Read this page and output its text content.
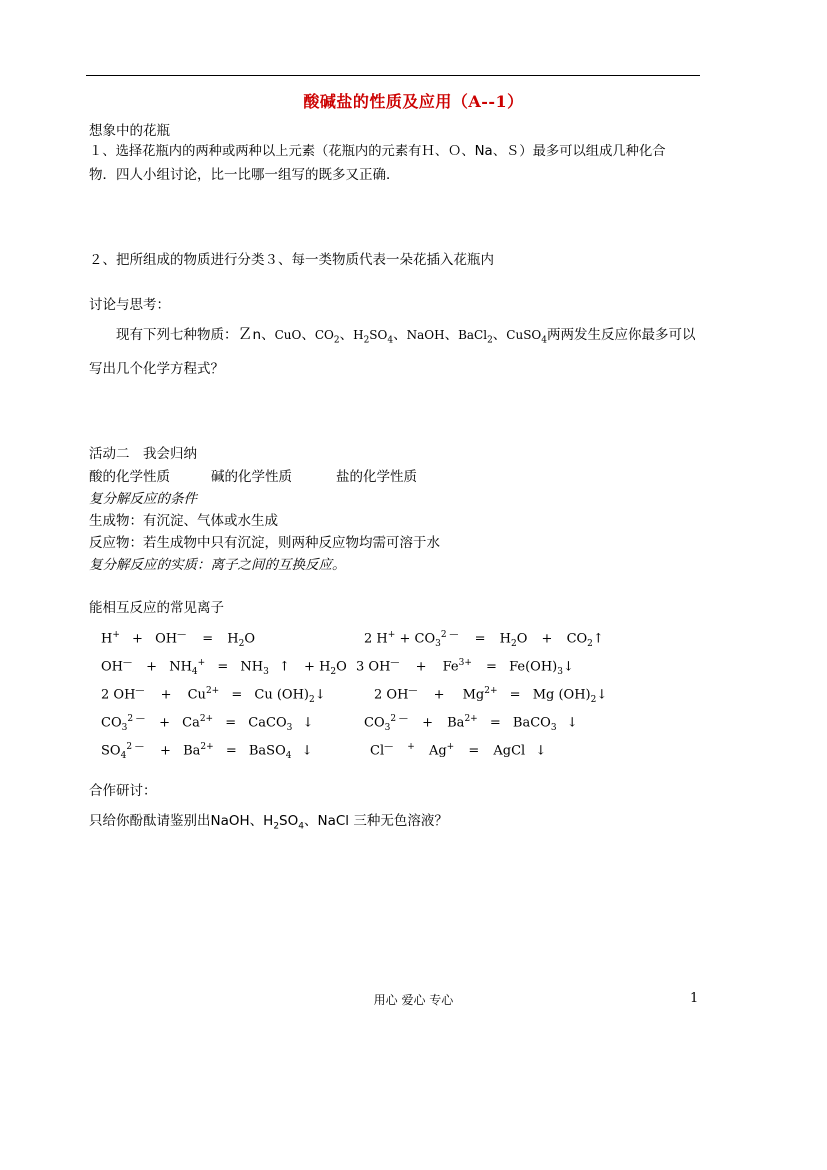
酸碱盐的性质及应用（A--1）
想象中的花瓶
１、选择花瓶内的两种或两种以上元素（花瓶内的元素有Ｈ、Ｏ、Na、Ｓ）最多可以组成几种化合
物．四人小组讨论，比一比哪一组写的既多又正确．
２、把所组成的物质进行分类３、每一类物质代表一朵花插入花瓶内
讨论与思考：
现有下列七种物质：Ｚn、CuO、$CO_2$、$H_2SO_4$、NaOH、BaCl$_2$、CuSO$_4$两两发生反应你最多可以
写出几个化学方程式？
活动二　我会归纳
酸的化学性质	碱的化学性质	盐的化学性质
复分解反应的条件
生成物：有沉淀、气体或水生成
反应物：若生成物中只有沉淀，则两种反应物均需可溶于水
复分解反应的实质：离子之间的互换反应。
能相互反应的常见离子
$H^+ + OH^— = H_2O$	2 $H^+ + CO_3^{2 —} = H_2O$ + $CO_2↑$
$OH^— + NH_4^+ = NH_3$ ↑ + $H_2O$ 3 $OH^— + Fe^{3+}$ = $Fe(OH)_3↓$
2 $OH^— + Cu^{2+} = Cu$ $(OH)_2↓$	2 $OH^— + Mg^{2+} = Mg$ $(OH)_2↓$
$CO_3^{2 —} + Ca^{2+}$ = CaCO$_3$ ↓	$CO_3^{2 —} + Ba^{2+}$ = BaCO$_3$ ↓
$SO_4^{2 —} + Ba^{2+}$ = BaSO$_4$ ↓	Cl— + Ag+ = AgCl ↓
合作研讨：
只给你酚酞请鉴别出NaOH、$H_2SO_4$、NaCl 三种无色溶液？
用心 爱心 专心	1
